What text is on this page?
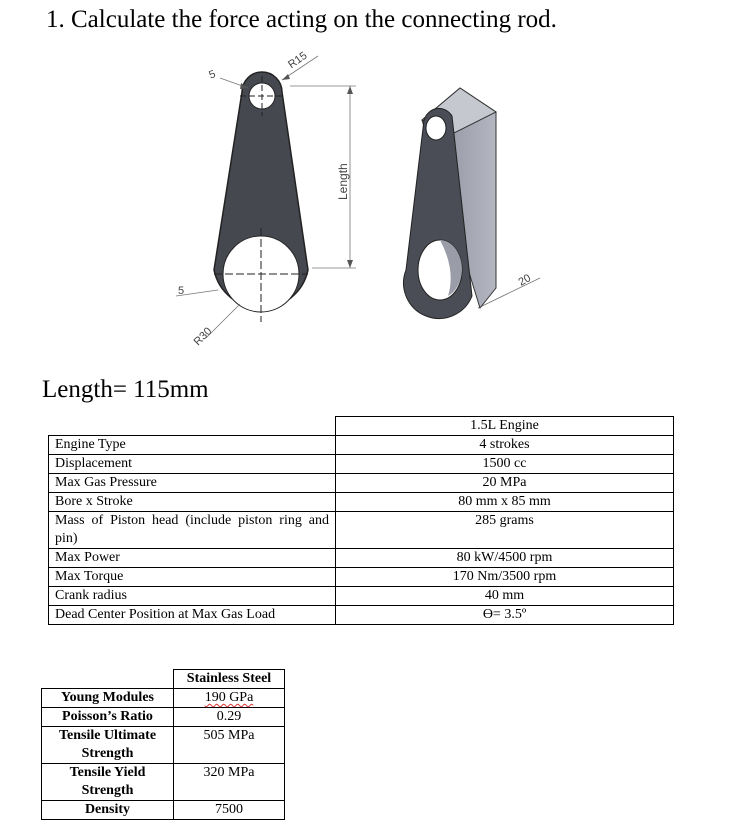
1. Calculate the force acting on the connecting rod.
5
R15
Length
5
R30
20
Length= 115mm
	1.5L Engine
Engine Type	4 strokes
Displacement	1500 cc
Max Gas Pressure	20 MPa
Bore x Stroke	80 mm x 85 mm
Mass of Piston head (include piston ring and pin)	285 grams
Max Power	80 kW/4500 rpm
Max Torque	170 Nm/3500 rpm
Crank radius	40 mm
Dead Center Position at Max Gas Load	ϴ= 3.5º
	Stainless Steel
Young Modules	190 GPa
Poisson’s Ratio	0.29
Tensile Ultimate Strength	505 MPa
Tensile Yield Strength	320 MPa
Density	7500
